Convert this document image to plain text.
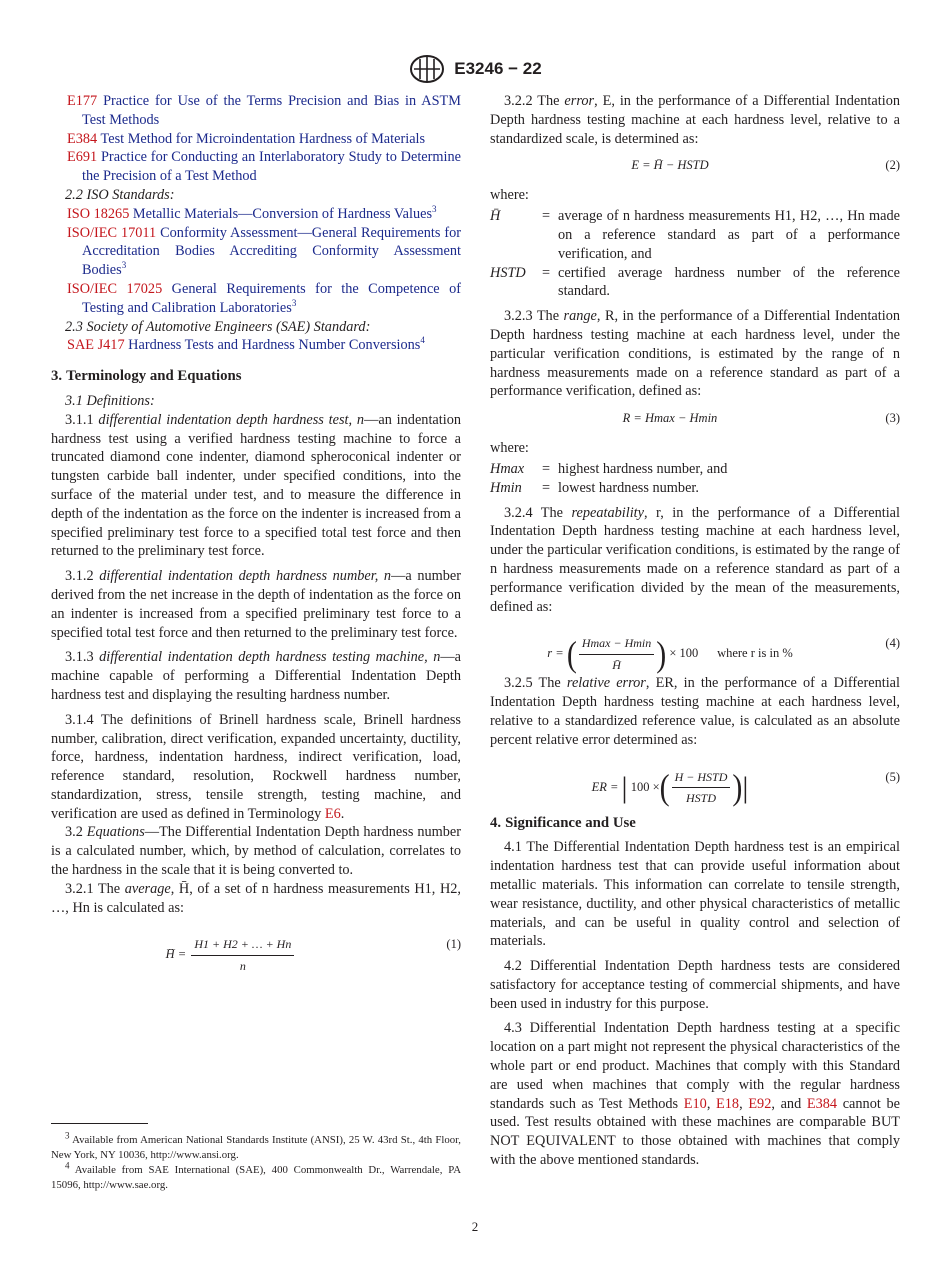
E3246 − 22

E177 Practice for Use of the Terms Precision and Bias in ASTM Test Methods

E384 Test Method for Microindentation Hardness of Materials

E691 Practice for Conducting an Interlaboratory Study to Determine the Precision of a Test Method

2.2 ISO Standards:

ISO 18265 Metallic Materials—Conversion of Hardness Values$^3$

ISO/IEC 17011 Conformity Assessment—General Requirements for Accreditation Bodies Accrediting Conformity Assessment Bodies$^3$

ISO/IEC 17025 General Requirements for the Competence of Testing and Calibration Laboratories$^3$

2.3 Society of Automotive Engineers (SAE) Standard:

SAE J417 Hardness Tests and Hardness Number Conversions$^4$

3. Terminology and Equations

3.1 Definitions:

3.1.1 differential indentation depth hardness test, n—an indentation hardness test using a verified hardness testing machine to force a truncated diamond cone indenter, diamond spheroconical indenter or tungsten carbide ball indenter, under specified conditions, into the surface of the material under test, and to measure the difference in depth of the indentation as the force on the indenter is increased from a specified preliminary test force to a specified total test force and then returned to the preliminary test force.

3.1.2 differential indentation depth hardness number, n—a number derived from the net increase in the depth of indentation as the force on an indenter is increased from a specified preliminary test force to a specified total test force and then returned to the preliminary test force.

3.1.3 differential indentation depth hardness testing machine, n—a machine capable of performing a Differential Indentation Depth hardness test and displaying the resulting hardness number.

3.1.4 The definitions of Brinell hardness scale, Brinell hardness number, calibration, direct verification, expanded uncertainty, ductility, force, hardness, indentation hardness, indirect verification, load, reference standard, resolution, Rockwell hardness number, standardization, stress, tensile strength, testing machine, and verification are used as defined in Terminology E6.

3.2 Equations—The Differential Indentation Depth hardness number is a calculated number, which, by method of calculation, correlates to the hardness in the scale that it is being converted to.

3.2.1 The average, H̄, of a set of n hardness measurements H1, H2, …, Hn is calculated as:

H̄ = $\frac{H1 + H2 + \dots + Hn}{n}$	(1)

3.2.2 The error, E, in the performance of a Differential Indentation Depth hardness testing machine at each hardness level, relative to a standardized scale, is determined as:

E = H̄ − HSTD	(2)

where:

H̄	=	average of n hardness measurements H1, H2, …, Hn made on a reference standard as part of a performance verification, and
HSTD	=	certified average hardness number of the reference standard.

3.2.3 The range, R, in the performance of a Differential Indentation Depth hardness testing machine at each hardness level, under the particular verification conditions, is estimated by the range of n hardness measurements made on a reference standard as part of a performance verification, defined as:

R = Hmax − Hmin	(3)

where:

Hmax	=	highest hardness number, and
Hmin	=	lowest hardness number.

3.2.4 The repeatability, r, in the performance of a Differential Indentation Depth hardness testing machine at each hardness level, under the particular verification conditions, is estimated by the range of n hardness measurements made on a reference standard as part of a performance verification divided by the mean of the measurements, defined as:

r = ( $\frac{Hmax - Hmin}{H̄}$ ) × 100 where r is in %
(4)

3.2.5 The relative error, ER, in the performance of a Differential Indentation Depth hardness testing machine at each hardness level, relative to a standardized reference value, is calculated as an absolute percent relative error determined as:

ER = | 100 ×( $\frac{\text{H − HSTD}}{\text{HSTD}}$ )|	(5)
4. Significance and Use

4.1 The Differential Indentation Depth hardness test is an empirical indentation hardness test that can provide useful information about metallic materials. This information can correlate to tensile strength, wear resistance, ductility, and other physical characteristics of metallic materials, and can be useful in quality control and selection of materials.

4.2 Differential Indentation Depth hardness tests are considered satisfactory for acceptance testing of commercial shipments, and have been used in industry for this purpose.

4.3 Differential Indentation Depth hardness testing at a specific location on a part might not represent the physical characteristics of the whole part or end product. Machines that comply with this Standard are used when machines that comply with the regular hardness standards such as Test Methods E10, E18, E92, and E384 cannot be used. Test results obtained with these machines are comparable BUT NOT EQUIVALENT to those obtained with machines that comply with the above mentioned standards.

$^3$ Available from American National Standards Institute (ANSI), 25 W. 43rd St., 4th Floor, New York, NY 10036, http://www.ansi.org.

$^4$ Available from SAE International (SAE), 400 Commonwealth Dr., Warrendale, PA 15096, http://www.sae.org.

2
